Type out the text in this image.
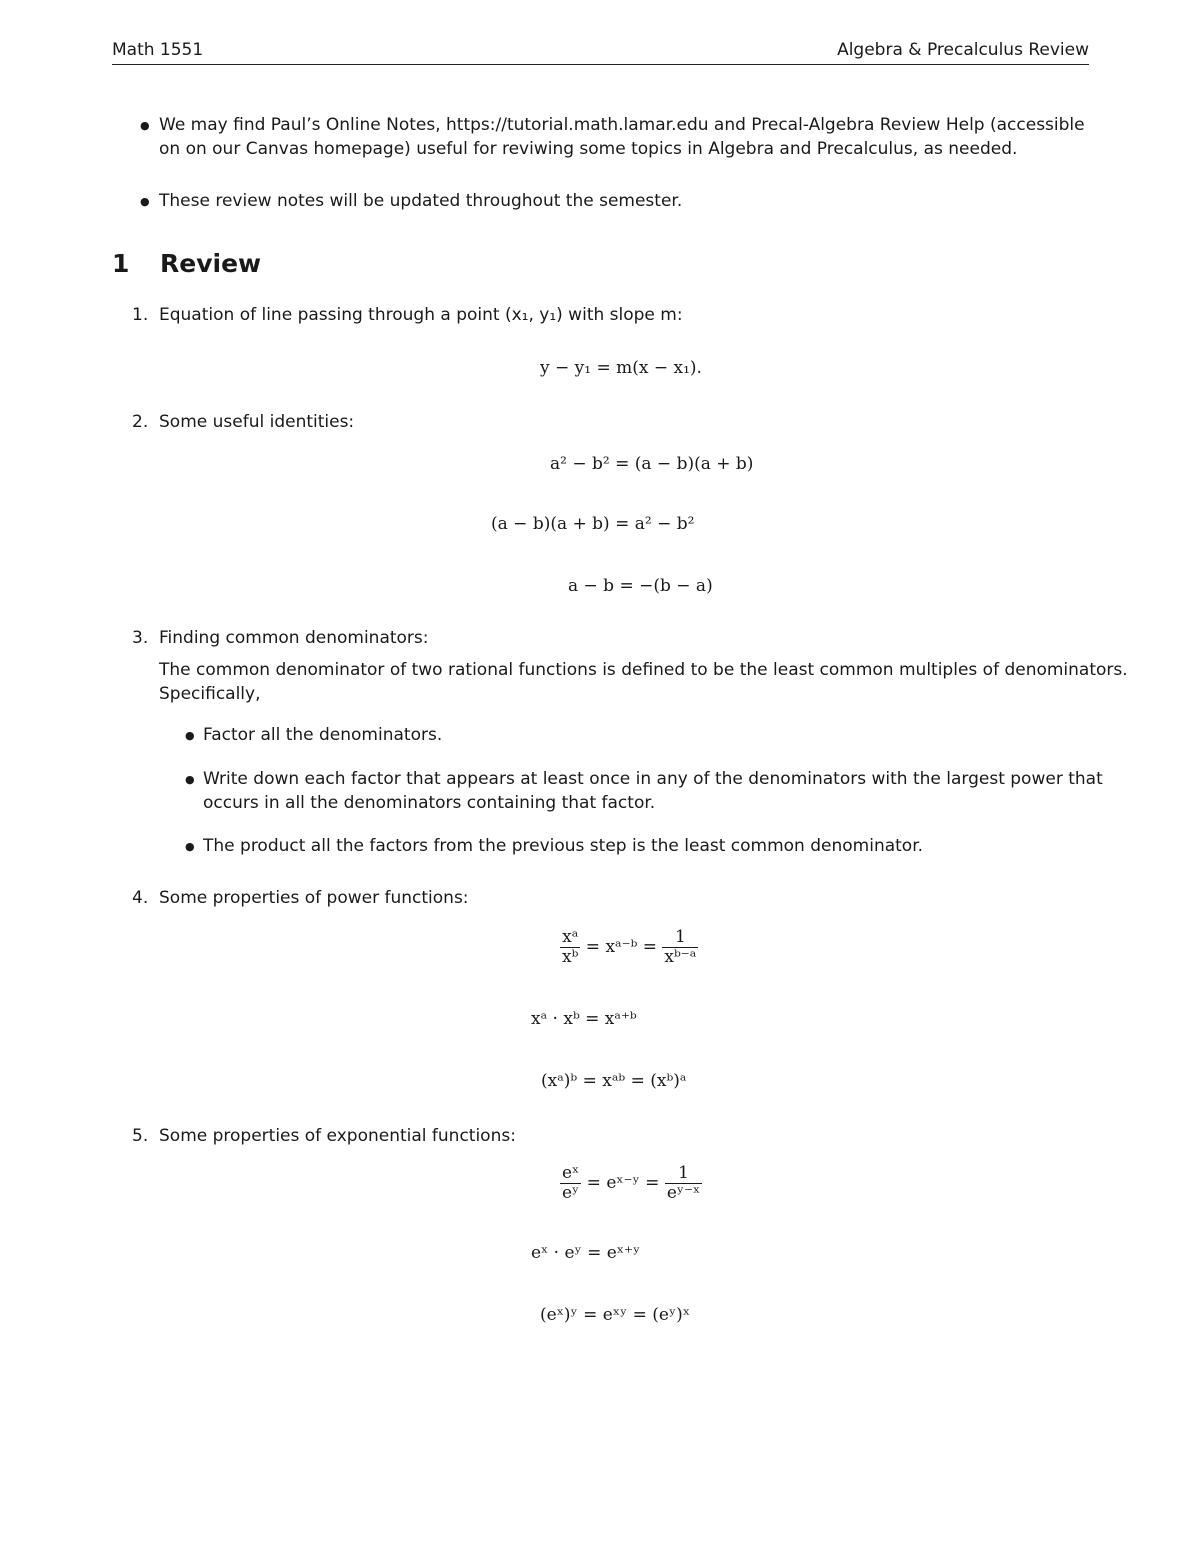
Math 1551	Algebra & Precalculus Review
● We may find Paul’s Online Notes, https://tutorial.math.lamar.edu and Precal-Algebra Review Help (accessible
on on our Canvas homepage) useful for reviwing some topics in Algebra and Precalculus, as needed.
● These review notes will be updated throughout the semester.
1 Review
1. Equation of line passing through a point (x₁, y₁) with slope m:
y − y₁ = m(x − x₁).
2. Some useful identities:
a² − b² = (a − b)(a + b)
(a − b)(a + b) = a² − b²
a − b = −(b − a)
3. Finding common denominators:
The common denominator of two rational functions is defined to be the least common multiples of denominators.
Specifically,
● Factor all the denominators.
● Write down each factor that appears at least once in any of the denominators with the largest power that
occurs in all the denominators containing that factor.
● The product all the factors from the previous step is the least common denominator.
4. Some properties of power functions:
$\frac{\text{xᵃ}}{\text{xᵇ}}$ = xᵃ⁻ᵇ = $\frac{1}{\text{xᵇ⁻ᵃ}}$
xᵃ · xᵇ = xᵃ⁺ᵇ
(xᵃ)ᵇ = xᵃᵇ = (xᵇ)ᵃ
5. Some properties of exponential functions:
$\frac{\text{eˣ}}{\text{eʸ}}$ = eˣ⁻ʸ = $\frac{1}{\text{eʸ⁻ˣ}}$
eˣ · eʸ = eˣ⁺ʸ
(eˣ)ʸ = eˣʸ = (eʸ)ˣ
